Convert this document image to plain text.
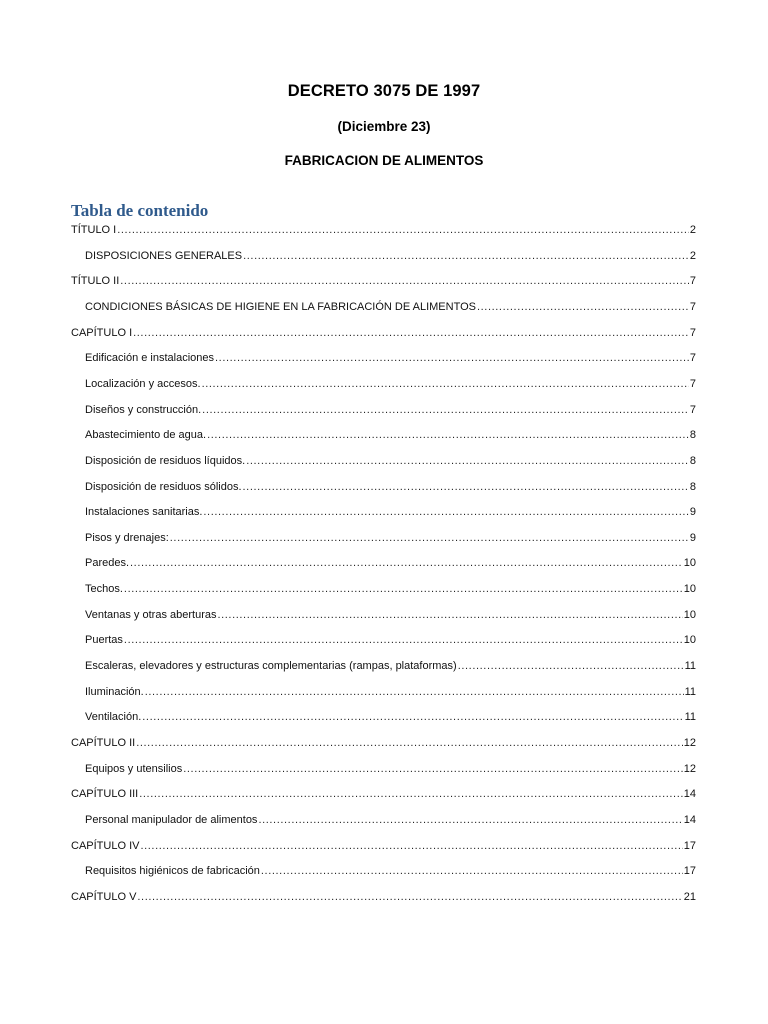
DECRETO 3075 DE 1997
(Diciembre 23)
FABRICACION DE ALIMENTOS
Tabla de contenido
TÍTULO I .....	2
DISPOSICIONES GENERALES .....	2
TÍTULO II .....	7
CONDICIONES BÁSICAS DE HIGIENE EN LA FABRICACIÓN DE ALIMENTOS .....	7
CAPÍTULO I .....	7
Edificación e instalaciones .....	7
Localización y accesos. .....	7
Diseños y construcción. .....	7
Abastecimiento de agua. .....	8
Disposición de residuos líquidos. .....	8
Disposición de residuos sólidos. .....	8
Instalaciones sanitarias. .....	9
Pisos y drenajes: .....	9
Paredes. .....	10
Techos. .....	10
Ventanas y otras aberturas .....	10
Puertas .....	10
Escaleras, elevadores y estructuras complementarias (rampas, plataformas) .....	11
Iluminación. .....	11
Ventilación. .....	11
CAPÍTULO II .....	12
Equipos y utensilios .....	12
CAPÍTULO III .....	14
Personal manipulador de alimentos .....	14
CAPÍTULO IV .....	17
Requisitos higiénicos de fabricación .....	17
CAPÍTULO V .....	21
